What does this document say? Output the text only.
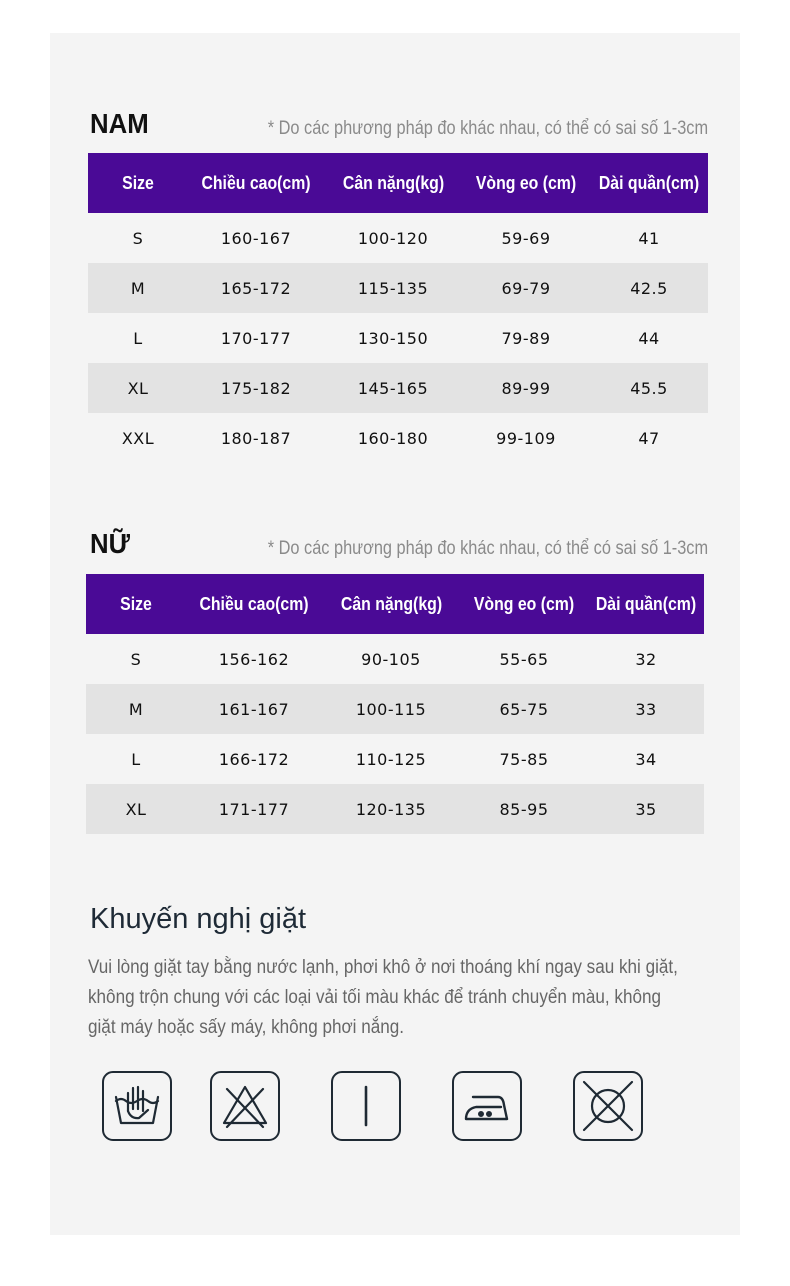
NAM	* Do các phương pháp đo khác nhau, có thể có sai số 1-3cm
Size	Chiều cao(cm)	Cân nặng(kg)	Vòng eo (cm)	Dài quần(cm)
S	160-167	100-120	59-69	41
M	165-172	115-135	69-79	42.5
L	170-177	130-150	79-89	44
XL	175-182	145-165	89-99	45.5
XXL	180-187	160-180	99-109	47
NỮ	* Do các phương pháp đo khác nhau, có thể có sai số 1-3cm
Size	Chiều cao(cm)	Cân nặng(kg)	Vòng eo (cm)	Dài quần(cm)
S	156-162	90-105	55-65	32
M	161-167	100-115	65-75	33
L	166-172	110-125	75-85	34
XL	171-177	120-135	85-95	35
Khuyến nghị giặt

Vui lòng giặt tay bằng nước lạnh, phơi khô ở nơi thoáng khí ngay sau khi giặt, không trộn chung với các loại vải tối màu khác để tránh chuyển màu, không giặt máy hoặc sấy máy, không phơi nắng.
